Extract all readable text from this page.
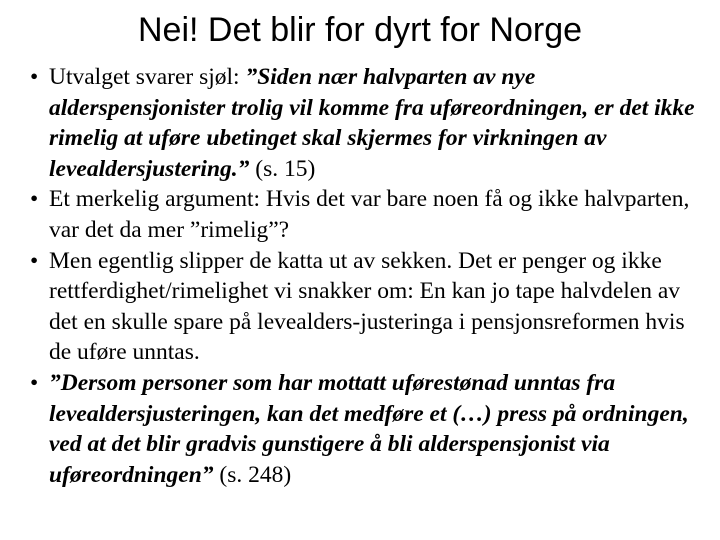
Nei! Det blir for dyrt for Norge
• Utvalget svarer sjøl: ”Siden nær halvparten av nye alderspensjonister trolig vil komme fra uføreordningen, er det ikke rimelig at uføre ubetinget skal skjermes for virkningen av levealdersjustering.” (s. 15)
• Et merkelig argument: Hvis det var bare noen få og ikke halvparten, var det da mer ”rimelig”?
• Men egentlig slipper de katta ut av sekken. Det er penger og ikke rettferdighet/rimelighet vi snakker om: En kan jo tape halvdelen av det en skulle spare på levealders-justeringa i pensjonsreformen hvis de uføre unntas.
• ”Dersom personer som har mottatt uførestønad unntas fra levealdersjusteringen, kan det medføre et (…) press på ordningen, ved at det blir gradvis gunstigere å bli alderspensjonist via uføreordningen” (s. 248)
